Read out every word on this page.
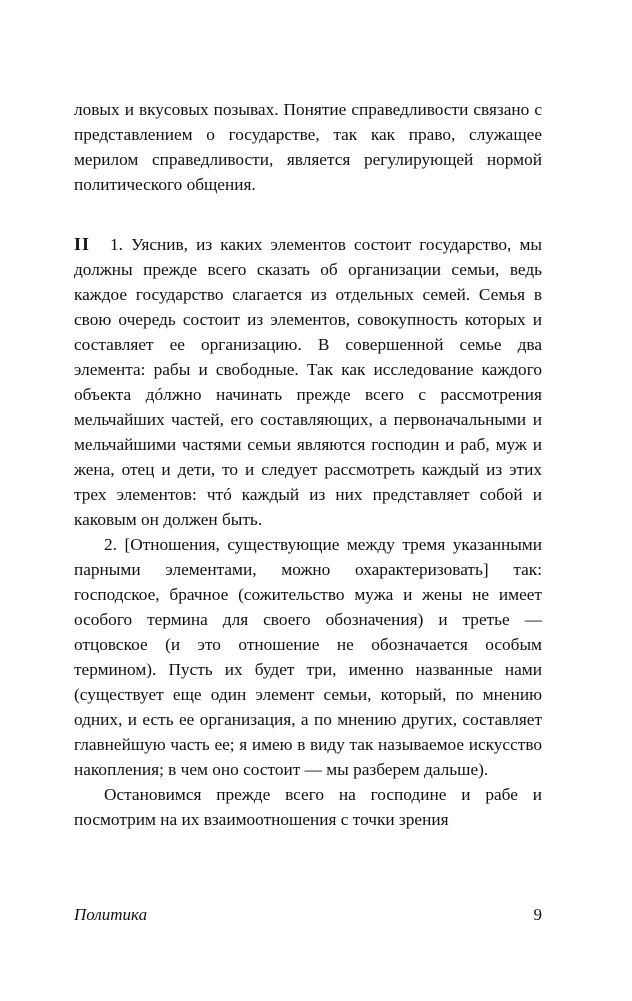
ловых и вкусовых позывах. Понятие справедливости связано с представлением о государстве, так как право, служащее мерилом справедливости, является регулирующей нормой политического общения.

II 1. Уяснив, из каких элементов состоит государство, мы должны прежде всего сказать об организации семьи, ведь каждое государство слагается из отдельных семей. Семья в свою очередь состоит из элементов, совокупность которых и составляет ее организацию. В совершенной семье два элемента: рабы и свободные. Так как исследование каждого объекта дóлжно начинать прежде всего с рассмотрения мельчайших частей, его составляющих, а первоначальными и мельчайшими частями семьи являются господин и раб, муж и жена, отец и дети, то и следует рассмотреть каждый из этих трех элементов: чтó каждый из них представляет собой и каковым он должен быть.

2. [Отношения, существующие между тремя указанными парными элементами, можно охарактеризовать] так: господское, брачное (сожительство мужа и жены не имеет особого термина для своего обозначения) и третье — отцовское (и это отношение не обозначается особым термином). Пусть их будет три, именно названные нами (существует еще один элемент семьи, который, по мнению одних, и есть ее организация, а по мнению других, составляет главнейшую часть ее; я имею в виду так называемое искусство накопления; в чем оно состоит — мы разберем дальше).

Остановимся прежде всего на господине и рабе и посмотрим на их взаимоотношения с точки зрения

Политика	9
